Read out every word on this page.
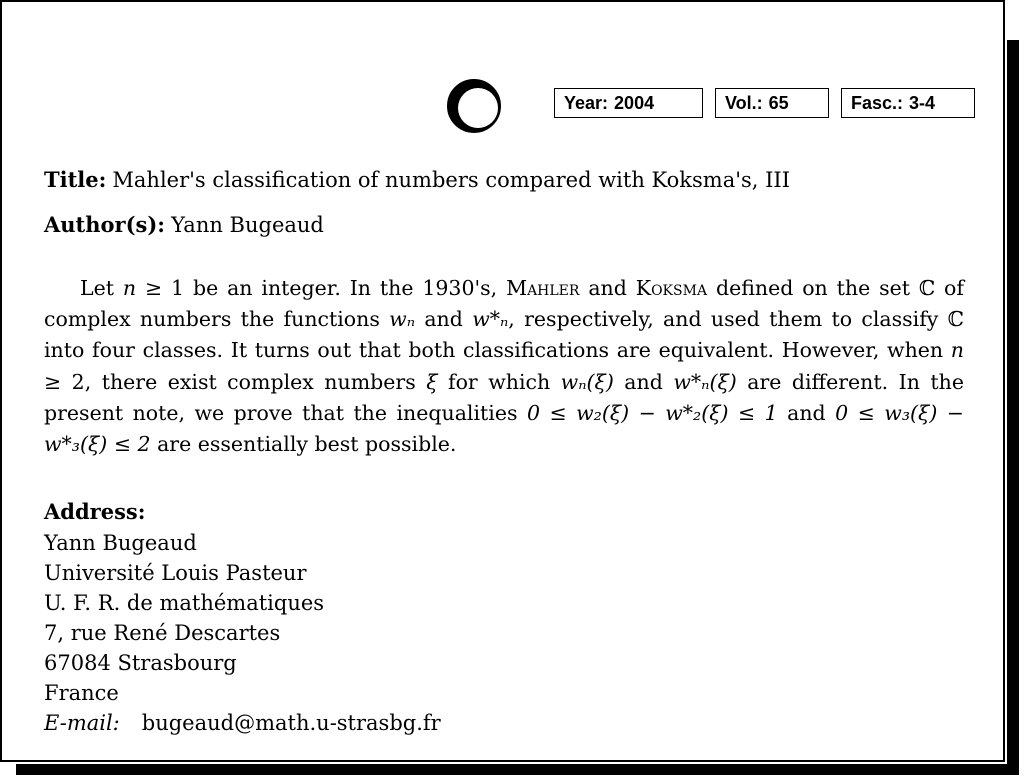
Year: 2004	Vol.: 65	Fasc.: 3-4
Title: Mahler's classification of numbers compared with Koksma's, III
Author(s): Yann Bugeaud
Let n ≥ 1 be an integer. In the 1930's, Mahler and Koksma defined on the set ℂ of complex numbers the functions wₙ and w*ₙ, respectively, and used them to classify ℂ into four classes. It turns out that both classifications are equivalent. However, when n ≥ 2, there exist complex numbers ξ for which wₙ(ξ) and w*ₙ(ξ) are different. In the present note, we prove that the inequalities 0 ≤ w₂(ξ) − w*₂(ξ) ≤ 1 and 0 ≤ w₃(ξ) − w*₃(ξ) ≤ 2 are essentially best possible.
Address:
Yann Bugeaud
Université Louis Pasteur
U. F. R. de mathématiques
7, rue René Descartes
67084 Strasbourg
France
E-mail: bugeaud@math.u-strasbg.fr
